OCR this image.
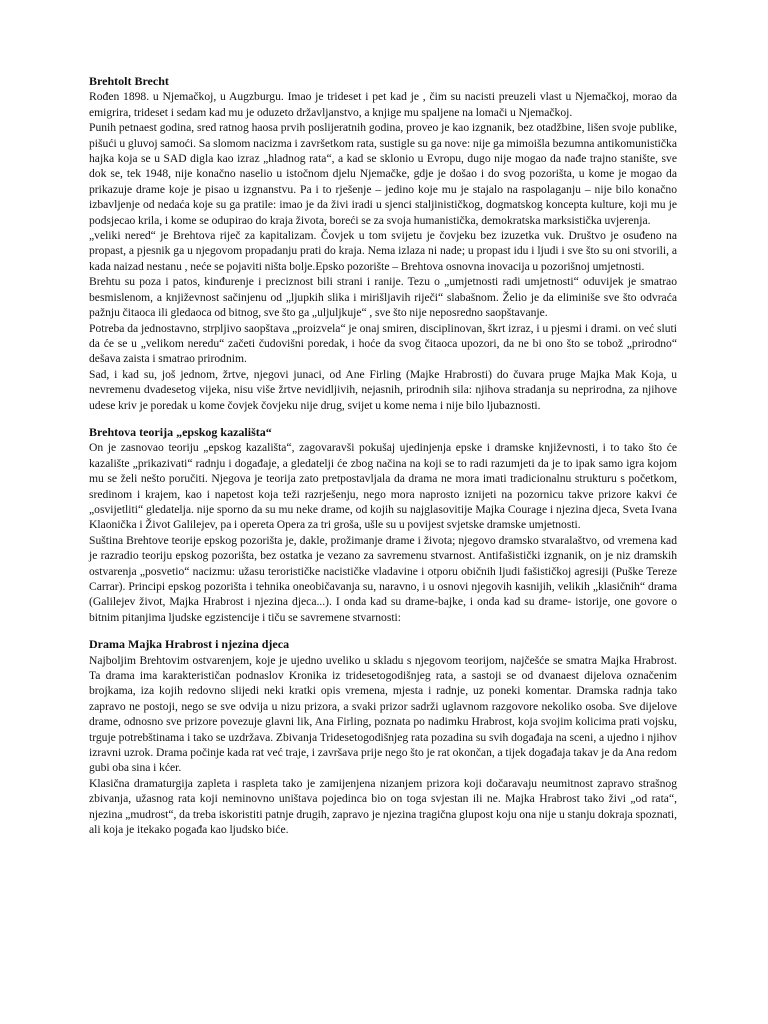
Brehtolt Brecht

Rođen 1898. u Njemačkoj, u Augzburgu. Imao je trideset i pet kad je , čim su nacisti preuzeli vlast u Njemačkoj, morao da emigrira, trideset i sedam kad mu je oduzeto državljanstvo, a knjige mu spaljene na lomači u Njemačkoj.

Punih petnaest godina, sred ratnog haosa prvih poslijeratnih godina, proveo je kao izgnanik, bez otadžbine, lišen svoje publike, pišući u gluvoj samoći. Sa slomom nacizma i završetkom rata, sustigle su ga nove: nije ga mimoišla bezumna antikomunistička hajka koja se u SAD digla kao izraz „hladnog rata“, a kad se sklonio u Evropu, dugo nije mogao da nađe trajno stanište, sve dok se, tek 1948, nije konačno naselio u istočnom djelu Njemačke, gdje je došao i do svog pozorišta, u kome je mogao da prikazuje drame koje je pisao u izgnanstvu. Pa i to rješenje – jedino koje mu je stajalo na raspolaganju – nije bilo konačno izbavljenje od nedaća koje su ga pratile: imao je da živi iradi u sjenci staljinističkog, dogmatskog koncepta kulture, koji mu je podsjecao krila, i kome se odupirao do kraja života, boreći se za svoja humanistička, demokratska marksistička uvjerenja.

„veliki nered“ je Brehtova riječ za kapitalizam. Čovjek u tom svijetu je čovjeku bez izuzetka vuk. Društvo je osuđeno na propast, a pjesnik ga u njegovom propadanju prati do kraja. Nema izlaza ni nade; u propast idu i ljudi i sve što su oni stvorili, a kada naizad nestanu , neće se pojaviti ništa bolje.Epsko pozorište – Brehtova osnovna inovacija u pozorišnoj umjetnosti.

Brehtu su poza i patos, kinđurenje i preciznost bili strani i ranije. Tezu o „umjetnosti radi umjetnosti“ oduvijek je smatrao besmislenom, a književnost sačinjenu od „ljupkih slika i mirišljavih riječi“ slabašnom. Želio je da eliminiše sve što odvraća pažnju čitaoca ili gledaoca od bitnog, sve što ga „uljuljkuje“ , sve što nije neposredno saopštavanje.

Potreba da jednostavno, strpljivo saopštava „proizvela“ je onaj smiren, disciplinovan, škrt izraz, i u pjesmi i drami. on već sluti da će se u „velikom neredu“ začeti čudovišni poredak, i hoće da svog čitaoca upozori, da ne bi ono što se tobož „prirodno“ dešava zaista i smatrao prirodnim.

Sad, i kad su, još jednom, žrtve, njegovi junaci, od Ane Firling (Majke Hrabrosti) do čuvara pruge Majka Mak Koja, u nevremenu dvadesetog vijeka, nisu više žrtve nevidljivih, nejasnih, prirodnih sila: njihova stradanja su neprirodna, za njihove udese kriv je poredak u kome čovjek čovjeku nije drug, svijet u kome nema i nije bilo ljubaznosti.

Brehtova teorija „epskog kazališta“

On je zasnovao teoriju „epskog kazališta“, zagovaravši pokušaj ujedinjenja epske i dramske književnosti, i to tako što će kazalište „prikazivati“ radnju i događaje, a gledatelji će zbog načina na koji se to radi razumjeti da je to ipak samo igra kojom mu se želi nešto poručiti. Njegova je teorija zato pretpostavljala da drama ne mora imati tradicionalnu strukturu s početkom, sredinom i krajem, kao i napetost koja teži razrješenju, nego mora naprosto iznijeti na pozornicu takve prizore kakvi će „osvijetliti“ gledatelja. nije sporno da su mu neke drame, od kojih su najglasovitije Majka Courage i njezina djeca, Sveta Ivana Klaonička i Život Galilejev, pa i opereta Opera za tri groša, ušle su u povijest svjetske dramske umjetnosti.

Suština Brehtove teorije epskog pozorišta je, dakle, prožimanje drame i života; njegovo dramsko stvaralaštvo, od vremena kad je razradio teoriju epskog pozorišta, bez ostatka je vezano za savremenu stvarnost. Antifašistički izgnanik, on je niz dramskih ostvarenja „posvetio“ nacizmu: užasu terorističke nacističke vladavine i otporu običnih ljudi fašističkoj agresiji (Puške Tereze Carrar). Principi epskog pozorišta i tehnika oneobičavanja su, naravno, i u osnovi njegovih kasnijih, velikih „klasičnih“ drama (Galilejev život, Majka Hrabrost i njezina djeca...). I onda kad su drame-bajke, i onda kad su drame- istorije, one govore o bitnim pitanjima ljudske egzistencije i tiču se savremene stvarnosti:

Drama Majka Hrabrost i njezina djeca

Najboljim Brehtovim ostvarenjem, koje je ujedno uveliko u skladu s njegovom teorijom, najčešće se smatra Majka Hrabrost. Ta drama ima karakterističan podnaslov Kronika iz tridesetogodišnjeg rata, a sastoji se od dvanaest dijelova označenim brojkama, iza kojih redovno slijedi neki kratki opis vremena, mjesta i radnje, uz poneki komentar. Dramska radnja tako zapravo ne postoji, nego se sve odvija u nizu prizora, a svaki prizor sadrži uglavnom razgovore nekoliko osoba. Sve dijelove drame, odnosno sve prizore povezuje glavni lik, Ana Firling, poznata po nadimku Hrabrost, koja svojim kolicima prati vojsku, trguje potrebštinama i tako se uzdržava. Zbivanja Tridesetogodišnjeg rata pozadina su svih događaja na sceni, a ujedno i njihov izravni uzrok. Drama počinje kada rat već traje, i završava prije nego što je rat okončan, a tijek događaja takav je da Ana redom gubi oba sina i kćer.

Klasična dramaturgija zapleta i raspleta tako je zamijenjena nizanjem prizora koji dočaravaju neumitnost zapravo strašnog zbivanja, užasnog rata koji neminovno uništava pojedinca bio on toga svjestan ili ne. Majka Hrabrost tako živi „od rata“, njezina „mudrost“, da treba iskoristiti patnje drugih, zapravo je njezina tragična glupost koju ona nije u stanju dokraja spoznati, ali koja je itekako pogađa kao ljudsko biće.
